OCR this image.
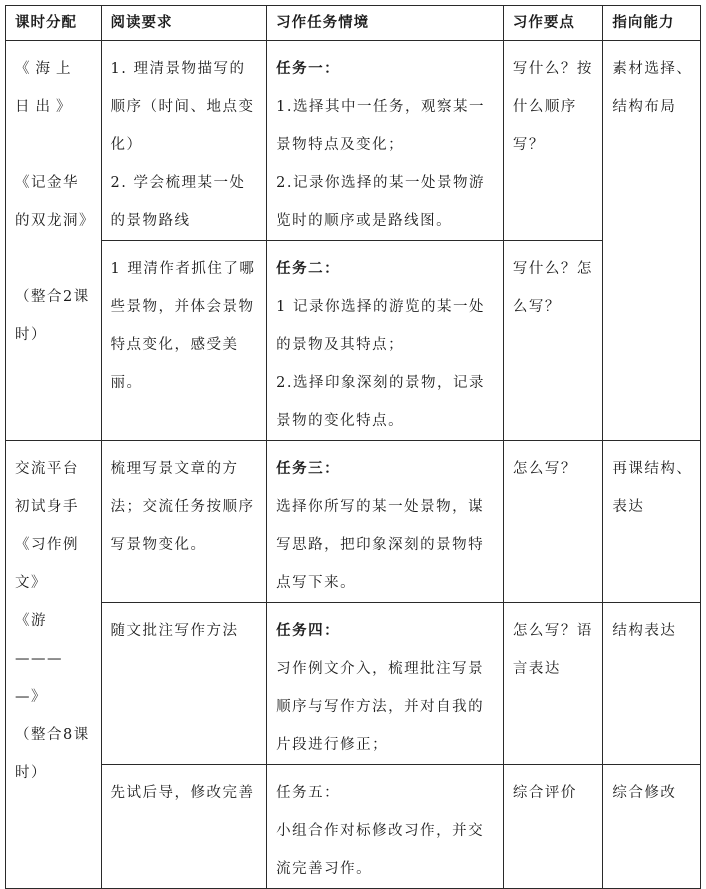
课时分配	阅读要求	习作任务情境	习作要点	指向能力

《海上日出》
《记金华的双龙洞》
（整合2课时）	1. 理清景物描写的顺序（时间、地点变化）
2. 学会梳理某一处的景物路线	任务一：
1.选择其中一任务，观察某一景物特点及变化；
2.记录你选择的某一处景物游览时的顺序或是路线图。	写什么？按什么顺序写？	素材选择、结构布局

	1 理清作者抓住了哪些景物，并体会景物特点变化，感受美丽。	任务二：
1 记录你选择的游览的某一处的景物及其特点；
2.选择印象深刻的景物，记录景物的变化特点。	写什么？怎么写？	

交流平台初试身手《习作例文》
《游———
—》
（整合8课时）	梳理写景文章的方法；交流任务按顺序写景物变化。	任务三：
选择你所写的某一处景物，谋写思路，把印象深刻的景物特点写下来。	怎么写？	再课结构、表达

	随文批注写作方法	任务四：
习作例文介入，梳理批注写景顺序与写作方法，并对自我的片段进行修正；	怎么写？语言表达	结构表达

	先试后导，修改完善	任务五：
小组合作对标修改习作，并交流完善习作。	综合评价	综合修改
